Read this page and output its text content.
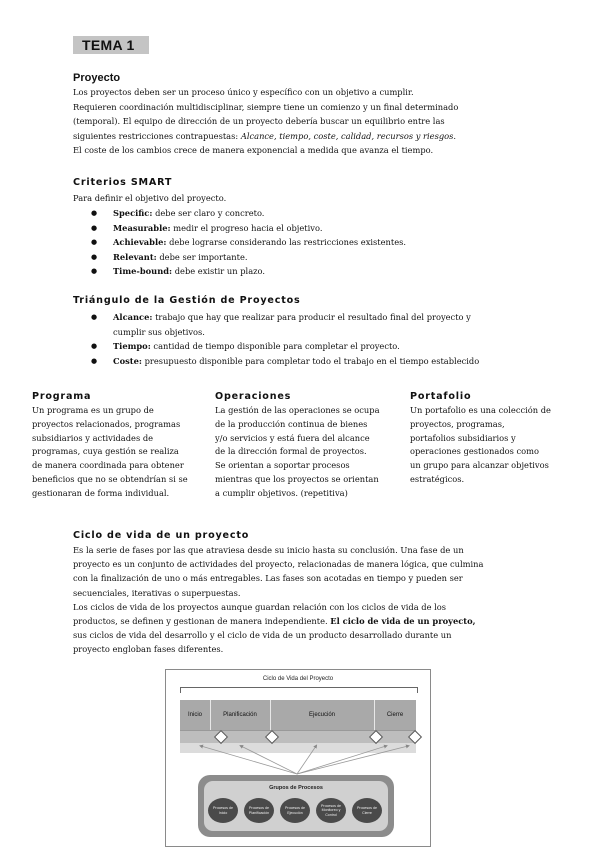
TEMA 1
Proyecto
Los proyectos deben ser un proceso único y específico con un objetivo a cumplir.
Requieren coordinación multidisciplinar, siempre tiene un comienzo y un final determinado
(temporal). El equipo de dirección de un proyecto debería buscar un equilibrio entre las
siguientes restricciones contrapuestas: Alcance, tiempo, coste, calidad, recursos y riesgos.
El coste de los cambios crece de manera exponencial a medida que avanza el tiempo.
Criterios SMART
Para definir el objetivo del proyecto.
● Specific: debe ser claro y concreto.
● Measurable: medir el progreso hacia el objetivo.
● Achievable: debe lograrse considerando las restricciones existentes.
● Relevant: debe ser importante.
● Time-bound: debe existir un plazo.
Triángulo de la Gestión de Proyectos
● Alcance: trabajo que hay que realizar para producir el resultado final del proyecto y
cumplir sus objetivos.
● Tiempo: cantidad de tiempo disponible para completar el proyecto.
● Coste: presupuesto disponible para completar todo el trabajo en el tiempo establecido
Programa
Un programa es un grupo de
proyectos relacionados, programas
subsidiarios y actividades de
programas, cuya gestión se realiza
de manera coordinada para obtener
beneficios que no se obtendrían si se
gestionaran de forma individual.
Operaciones
La gestión de las operaciones se ocupa
de la producción continua de bienes
y/o servicios y está fuera del alcance
de la dirección formal de proyectos.
Se orientan a soportar procesos
mientras que los proyectos se orientan
a cumplir objetivos. (repetitiva)
Portafolio
Un portafolio es una colección de
proyectos, programas,
portafolios subsidiarios y
operaciones gestionados como
un grupo para alcanzar objetivos
estratégicos.
Ciclo de vida de un proyecto
Es la serie de fases por las que atraviesa desde su inicio hasta su conclusión. Una fase de un
proyecto es un conjunto de actividades del proyecto, relacionadas de manera lógica, que culmina
con la finalización de uno o más entregables. Las fases son acotadas en tiempo y pueden ser
secuenciales, iterativas o superpuestas.
Los ciclos de vida de los proyectos aunque guardan relación con los ciclos de vida de los
productos, se definen y gestionan de manera independiente. El ciclo de vida de un proyecto,
sus ciclos de vida del desarrollo y el ciclo de vida de un producto desarrollado durante un
proyecto engloban fases diferentes.
Ciclo de Vida del Proyecto
Inicio	Planificación	Ejecución	Cierre
Grupos de Procesos
Procesos de Inicio
Procesos de Planificación
Procesos de Ejecución
Procesos de Monitoreo y Control
Procesos de Cierre
